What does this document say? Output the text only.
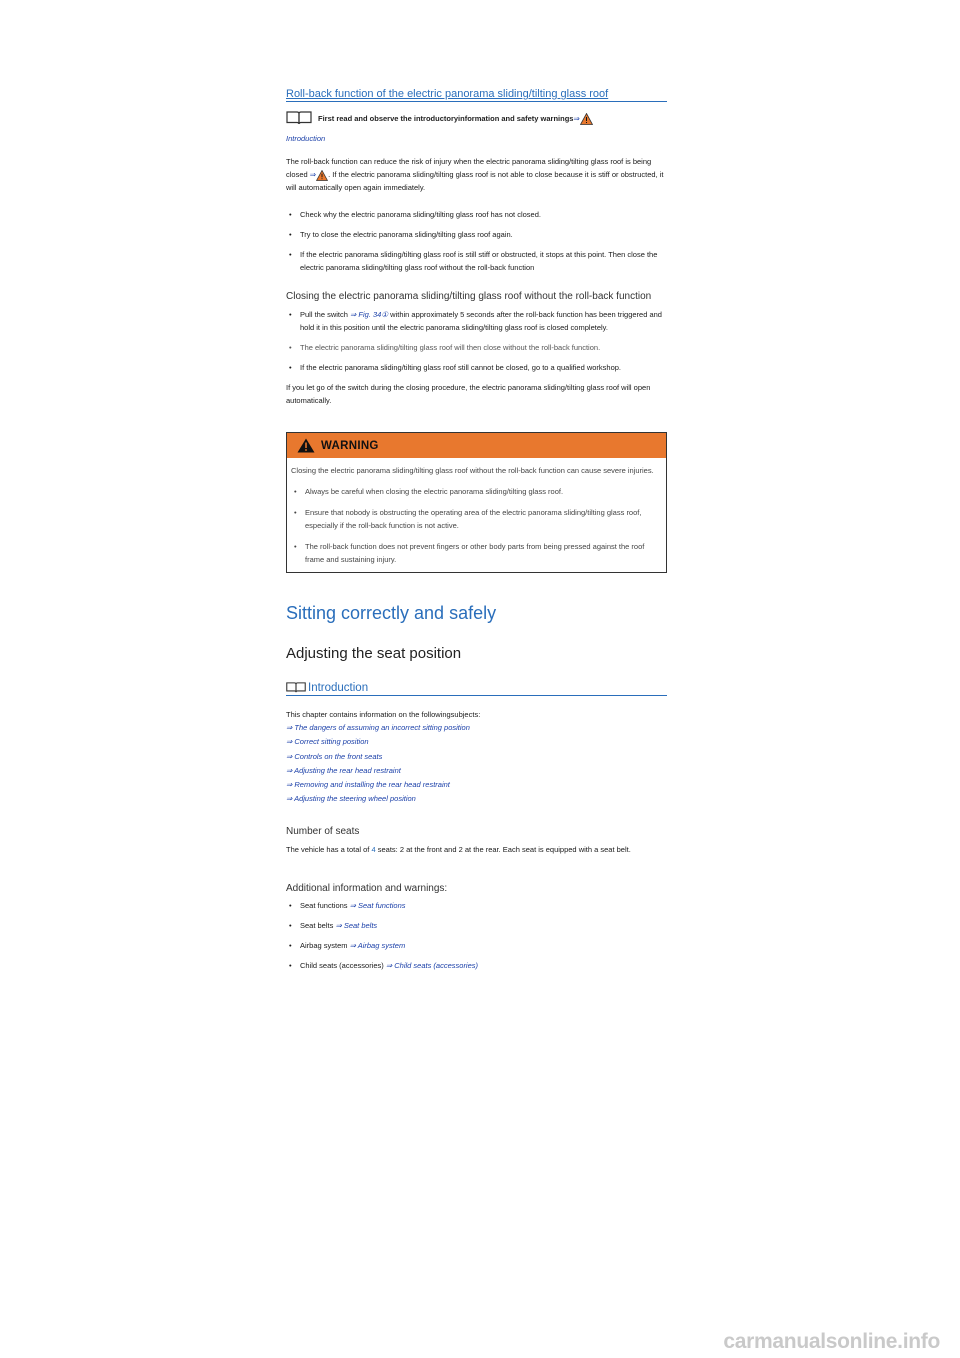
Roll-back function of the electric panorama sliding/tilting glass roof
First read and observe the introductoryinformation and safety warnings⇒
Introduction

The roll-back function can reduce the risk of injury when the electric panorama sliding/tilting glass roof is being closed ⇒ . If the electric panorama sliding/tilting glass roof is not able to close because it is stiff or obstructed, it will automatically open again immediately.

• Check why the electric panorama sliding/tilting glass roof has not closed.
• Try to close the electric panorama sliding/tilting glass roof again.
• If the electric panorama sliding/tilting glass roof is still stiff or obstructed, it stops at this point. Then close the electric panorama sliding/tilting glass roof without the roll-back function
Closing the electric panorama sliding/tilting glass roof without the roll-back function
• Pull the switch ⇒ Fig. 34① within approximately 5 seconds after the roll-back function has been triggered and hold it in this position until the electric panorama sliding/tilting glass roof is closed completely.
• The electric panorama sliding/tilting glass roof will then close without the roll-back function.
• If the electric panorama sliding/tilting glass roof still cannot be closed, go to a qualified workshop.

If you let go of the switch during the closing procedure, the electric panorama sliding/tilting glass roof will open automatically.

WARNING

Closing the electric panorama sliding/tilting glass roof without the roll-back function can cause severe injuries.

• Always be careful when closing the electric panorama sliding/tilting glass roof.
• Ensure that nobody is obstructing the operating area of the electric panorama sliding/tilting glass roof, especially if the roll-back function is not active.
• The roll-back function does not prevent fingers or other body parts from being pressed against the roof frame and sustaining injury.
Sitting correctly and safely
Adjusting the seat position
Introduction

This chapter contains information on the followingsubjects:

⇒ The dangers of assuming an incorrect sitting position
⇒ Correct sitting position
⇒ Controls on the front seats
⇒ Adjusting the rear head restraint
⇒ Removing and installing the rear head restraint
⇒ Adjusting the steering wheel position
Number of seats

The vehicle has a total of 4 seats: 2 at the front and 2 at the rear. Each seat is equipped with a seat belt.

Additional information and warnings:
• Seat functions ⇒ Seat functions
• Seat belts ⇒ Seat belts
• Airbag system ⇒ Airbag system
• Child seats (accessories) ⇒ Child seats (accessories)
carmanualsonline.info
